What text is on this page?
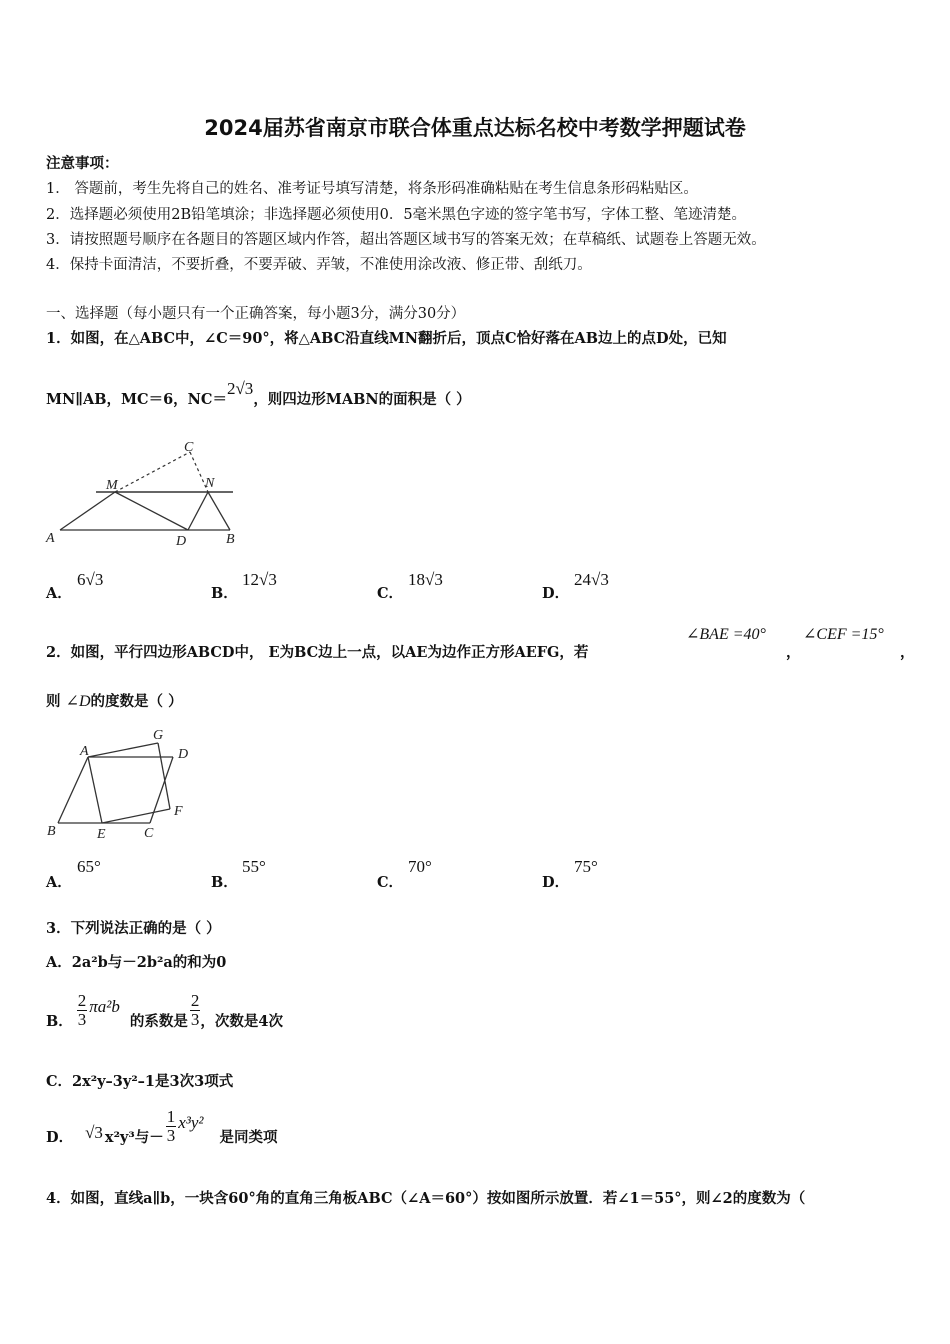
2024届苏省南京市联合体重点达标名校中考数学押题试卷
注意事项：
1． 答题前，考生先将自己的姓名、准考证号填写清楚，将条形码准确粘贴在考生信息条形码粘贴区。
2．选择题必须使用2B铅笔填涂；非选择题必须使用0．5毫米黑色字迹的签字笔书写，字体工整、笔迹清楚。
3．请按照题号顺序在各题目的答题区域内作答，超出答题区域书写的答案无效；在草稿纸、试题卷上答题无效。
4．保持卡面清洁，不要折叠，不要弄破、弄皱，不准使用涂改液、修正带、刮纸刀。
一、选择题（每小题只有一个正确答案，每小题3分，满分30分）
1．如图，在△ABC中，∠C＝90°，将△ABC沿直线MN翻折后，顶点C恰好落在AB边上的点D处，已知
MN∥AB，MC＝6，NC＝2√3，则四边形MABN的面积是（ ）
C
M	N
A	D	B
A．
6√3
B．
12√3
C．
18√3
D．
24√3
2．如图，平行四边形ABCD中， E为BC边上一点，以AE为边作正方形AEFG，若
∠BAE =40°
，
∠CEF =15°
，
则 ∠D的度数是（ ）
A
G
D
F
B	E	C
A．
65°
B．
55°
C．
70°
D．
75°
3．下列说法正确的是（ ）
A．2a²b与－2b²a的和为0
B． $\frac{2}{3} \pi a^2b$
的系数是 $\frac{2}{3}$ ，次数是4次
C．2x²y–3y²–1是3次3项式
D． √3 x²y³与－ $\frac{1}{3} x^3y^2$
是同类项
4．如图，直线a∥b，一块含60°角的直角三角板ABC（∠A＝60°）按如图所示放置．若∠1＝55°，则∠2的度数为（
